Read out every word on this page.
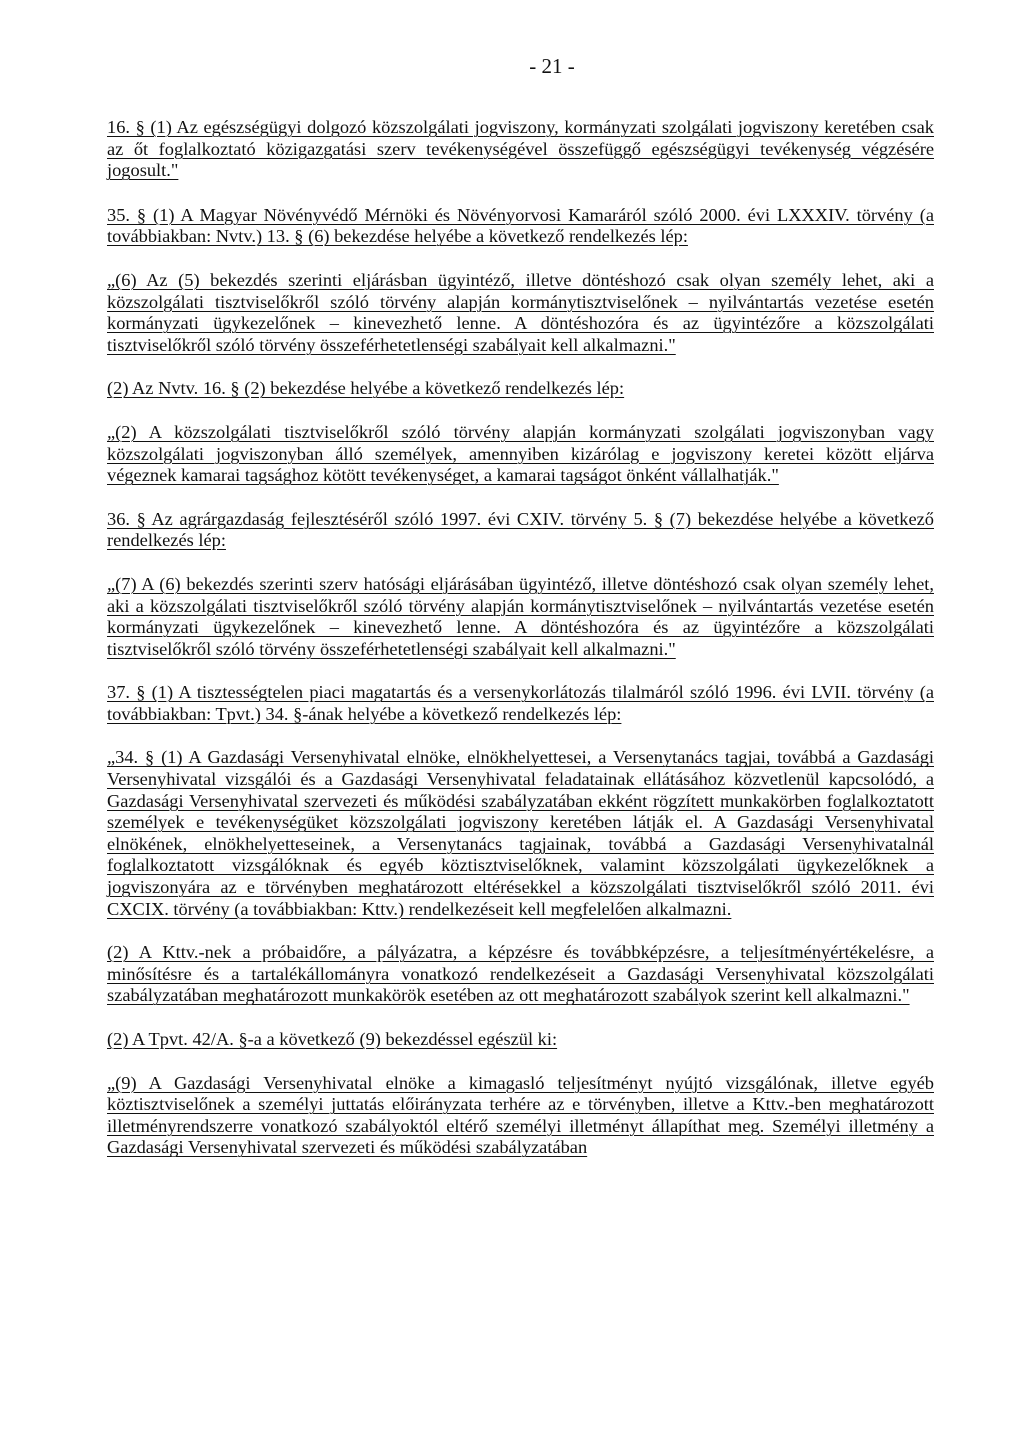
- 21 -

16. § (1) Az egészségügyi dolgozó közszolgálati jogviszony, kormányzati szolgálati jogviszony keretében csak az őt foglalkoztató közigazgatási szerv tevékenységével összefüggő egészségügyi tevékenység végzésére jogosult."

35. § (1) A Magyar Növényvédő Mérnöki és Növényorvosi Kamaráról szóló 2000. évi LXXXIV. törvény (a továbbiakban: Nvtv.) 13. § (6) bekezdése helyébe a következő rendelkezés lép:

„(6) Az (5) bekezdés szerinti eljárásban ügyintéző, illetve döntéshozó csak olyan személy lehet, aki a közszolgálati tisztviselőkről szóló törvény alapján kormánytisztviselőnek – nyilvántartás vezetése esetén kormányzati ügykezelőnek – kinevezhető lenne. A döntéshozóra és az ügyintézőre a közszolgálati tisztviselőkről szóló törvény összeférhetetlenségi szabályait kell alkalmazni."

(2) Az Nvtv. 16. § (2) bekezdése helyébe a következő rendelkezés lép:

„(2) A közszolgálati tisztviselőkről szóló törvény alapján kormányzati szolgálati jogviszonyban vagy közszolgálati jogviszonyban álló személyek, amennyiben kizárólag e jogviszony keretei között eljárva végeznek kamarai tagsághoz kötött tevékenységet, a kamarai tagságot önként vállalhatják."

36. § Az agrárgazdaság fejlesztéséről szóló 1997. évi CXIV. törvény 5. § (7) bekezdése helyébe a következő rendelkezés lép:

„(7) A (6) bekezdés szerinti szerv hatósági eljárásában ügyintéző, illetve döntéshozó csak olyan személy lehet, aki a közszolgálati tisztviselőkről szóló törvény alapján kormánytisztviselőnek – nyilvántartás vezetése esetén kormányzati ügykezelőnek – kinevezhető lenne. A döntéshozóra és az ügyintézőre a közszolgálati tisztviselőkről szóló törvény összeférhetetlenségi szabályait kell alkalmazni."

37. § (1) A tisztességtelen piaci magatartás és a versenykorlátozás tilalmáról szóló 1996. évi LVII. törvény (a továbbiakban: Tpvt.) 34. §-ának helyébe a következő rendelkezés lép:

„34. § (1) A Gazdasági Versenyhivatal elnöke, elnökhelyettesei, a Versenytanács tagjai, továbbá a Gazdasági Versenyhivatal vizsgálói és a Gazdasági Versenyhivatal feladatainak ellátásához közvetlenül kapcsolódó, a Gazdasági Versenyhivatal szervezeti és működési szabályzatában ekként rögzített munkakörben foglalkoztatott személyek e tevékenységüket közszolgálati jogviszony keretében látják el. A Gazdasági Versenyhivatal elnökének, elnökhelyetteseinek, a Versenytanács tagjainak, továbbá a Gazdasági Versenyhivatalnál foglalkoztatott vizsgálóknak és egyéb köztisztviselőknek, valamint közszolgálati ügykezelőknek a jogviszonyára az e törvényben meghatározott eltérésekkel a közszolgálati tisztviselőkről szóló 2011. évi CXCIX. törvény (a továbbiakban: Kttv.) rendelkezéseit kell megfelelően alkalmazni.

(2) A Kttv.-nek a próbaidőre, a pályázatra, a képzésre és továbbképzésre, a teljesítményértékelésre, a minősítésre és a tartalékállományra vonatkozó rendelkezéseit a Gazdasági Versenyhivatal közszolgálati szabályzatában meghatározott munkakörök esetében az ott meghatározott szabályok szerint kell alkalmazni."

(2) A Tpvt. 42/A. §-a a következő (9) bekezdéssel egészül ki:

„(9) A Gazdasági Versenyhivatal elnöke a kimagasló teljesítményt nyújtó vizsgálónak, illetve egyéb köztisztviselőnek a személyi juttatás előirányzata terhére az e törvényben, illetve a Kttv.-ben meghatározott illetményrendszerre vonatkozó szabályoktól eltérő személyi illetményt állapíthat meg. Személyi illetmény a Gazdasági Versenyhivatal szervezeti és működési szabályzatában
